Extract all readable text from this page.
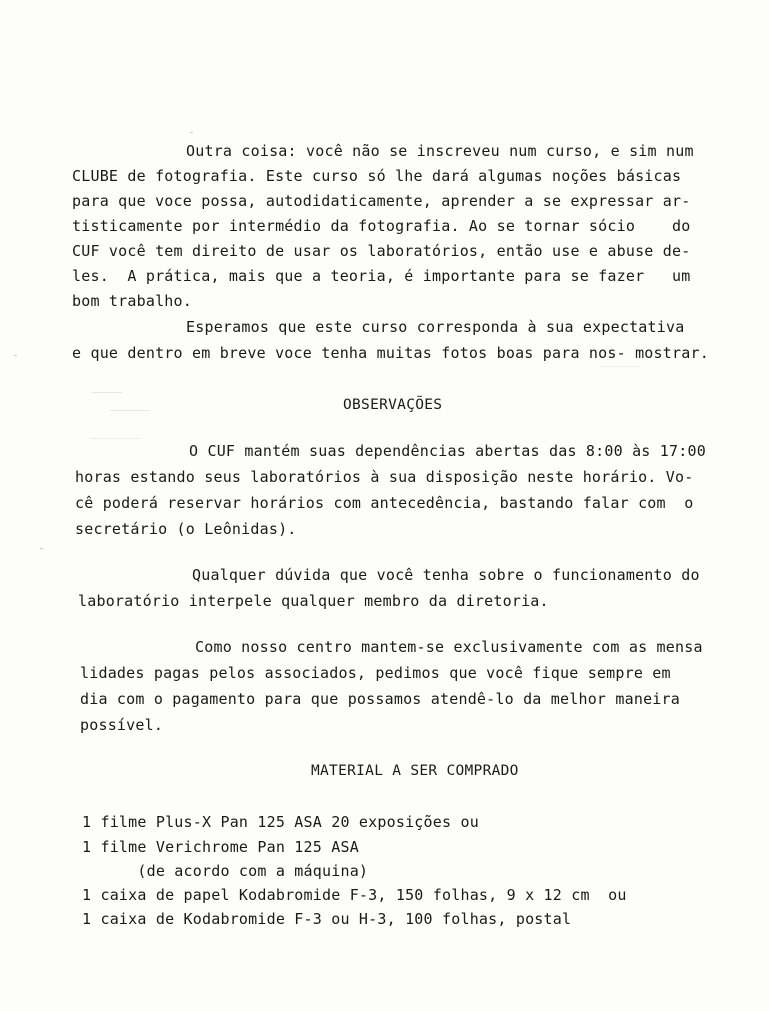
Outra coisa: você não se inscreveu num curso, e sim num
CLUBE de fotografia. Este curso só lhe dará algumas noções básicas
para que voce possa, autodidaticamente, aprender a se expressar ar-
tisticamente por intermédio da fotografia. Ao se tornar sócio    do
CUF você tem direito de usar os laboratórios, então use e abuse de-
les.  A prática, mais que a teoria, é importante para se fazer   um
bom trabalho.
Esperamos que este curso corresponda à sua expectativa
e que dentro em breve voce tenha muitas fotos boas para nos- mostrar.
OBSERVAÇÕES
O CUF mantém suas dependências abertas das 8:00 às 17:00
horas estando seus laboratórios à sua disposição neste horário. Vo-
cê poderá reservar horários com antecedência, bastando falar com  o
secretário (o Leônidas).
Qualquer dúvida que você tenha sobre o funcionamento do
laboratório interpele qualquer membro da diretoria.
Como nosso centro mantem-se exclusivamente com as mensa
lidades pagas pelos associados, pedimos que você fique sempre em
dia com o pagamento para que possamos atendê-lo da melhor maneira
possível.
MATERIAL A SER COMPRADO
1 filme Plus-X Pan 125 ASA 20 exposições ou
1 filme Verichrome Pan 125 ASA
(de acordo com a máquina)
1 caixa de papel Kodabromide F-3, 150 folhas, 9 x 12 cm  ou
1 caixa de Kodabromide F-3 ou H-3, 100 folhas, postal
